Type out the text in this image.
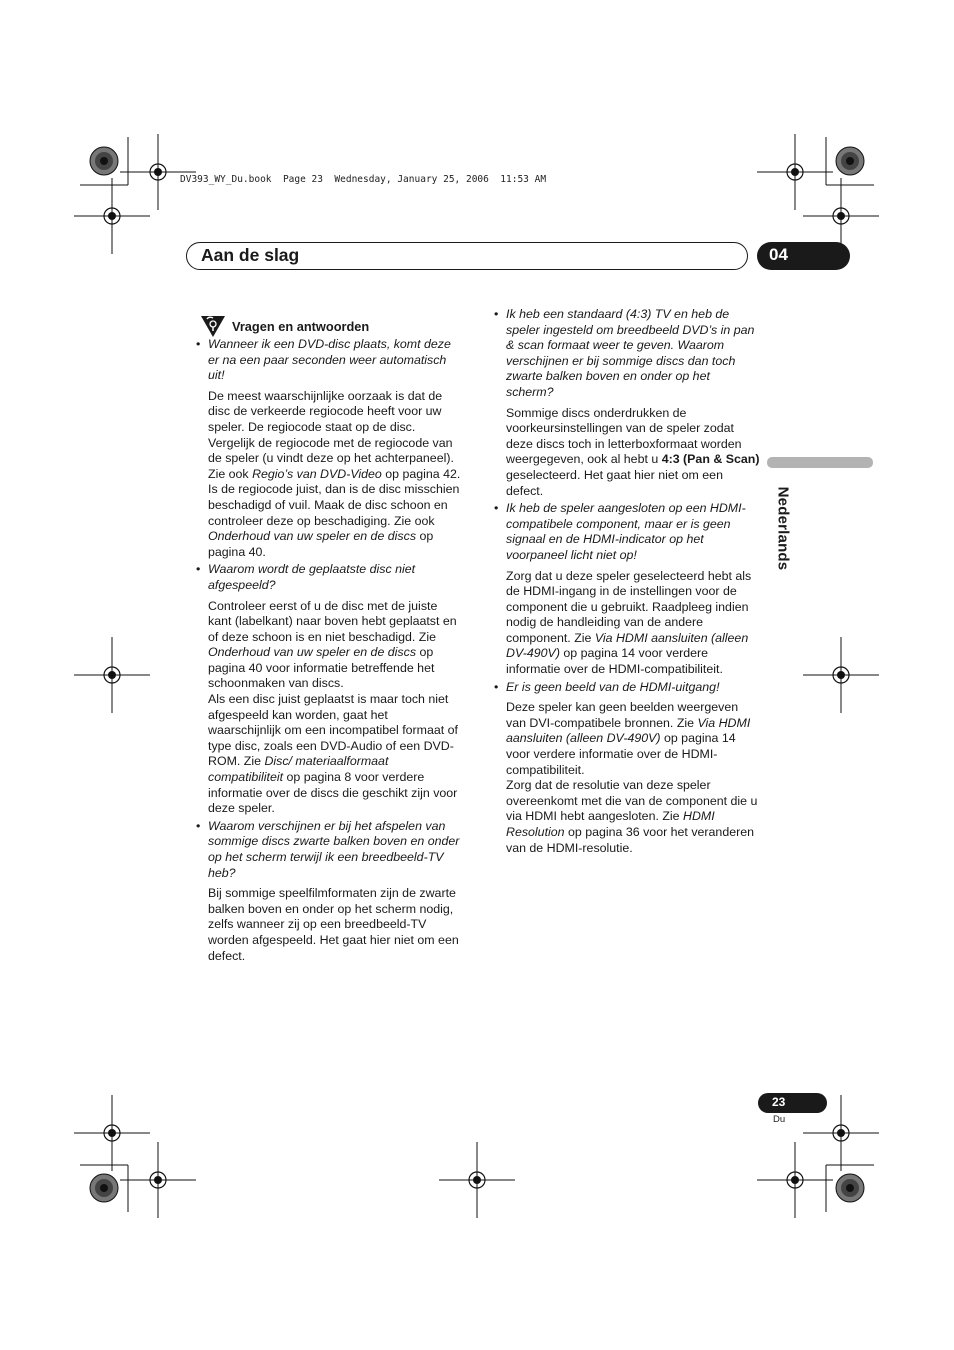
DV393_WY_Du.book  Page 23  Wednesday, January 25, 2006  11:53 AM
Aan de slag	04
Nederlands
Vragen en antwoorden
• Wanneer ik een DVD-disc plaats, komt deze er na een paar seconden weer automatisch uit!

De meest waarschijnlijke oorzaak is dat de disc de verkeerde regiocode heeft voor uw speler. De regiocode staat op de disc. Vergelijk de regiocode met de regiocode van de speler (u vindt deze op het achterpaneel). Zie ook Regio’s van DVD-Video op pagina 42.

Is de regiocode juist, dan is de disc misschien beschadigd of vuil. Maak de disc schoon en controleer deze op beschadiging. Zie ook Onderhoud van uw speler en de discs op pagina 40.

• Waarom wordt de geplaatste disc niet afgespeeld?

Controleer eerst of u de disc met de juiste kant (labelkant) naar boven hebt geplaatst en of deze schoon is en niet beschadigd. Zie Onderhoud van uw speler en de discs op pagina 40 voor informatie betreffende het schoonmaken van discs.

Als een disc juist geplaatst is maar toch niet afgespeeld kan worden, gaat het waarschijnlijk om een incompatibel formaat of type disc, zoals een DVD-Audio of een DVD-ROM. Zie Disc/ materiaalformaat compatibiliteit op pagina 8 voor verdere informatie over de discs die geschikt zijn voor deze speler.

• Waarom verschijnen er bij het afspelen van sommige discs zwarte balken boven en onder op het scherm terwijl ik een breedbeeld-TV heb?

Bij sommige speelfilmformaten zijn de zwarte balken boven en onder op het scherm nodig, zelfs wanneer zij op een breedbeeld-TV worden afgespeeld. Het gaat hier niet om een defect.

• Ik heb een standaard (4:3) TV en heb de speler ingesteld om breedbeeld DVD’s in pan & scan formaat weer te geven. Waarom verschijnen er bij sommige discs dan toch zwarte balken boven en onder op het scherm?

Sommige discs onderdrukken de voorkeursinstellingen van de speler zodat deze discs toch in letterboxformaat worden weergegeven, ook al hebt u 4:3 (Pan & Scan) geselecteerd. Het gaat hier niet om een defect.

• Ik heb de speler aangesloten op een HDMI-compatibele component, maar er is geen signaal en de HDMI-indicator op het voorpaneel licht niet op!

Zorg dat u deze speler geselecteerd hebt als de HDMI-ingang in de instellingen voor de component die u gebruikt. Raadpleeg indien nodig de handleiding van de andere component. Zie Via HDMI aansluiten (alleen DV-490V) op pagina 14 voor verdere informatie over de HDMI-compatibiliteit.

• Er is geen beeld van de HDMI-uitgang!

Deze speler kan geen beelden weergeven van DVI-compatibele bronnen. Zie Via HDMI aansluiten (alleen DV-490V) op pagina 14 voor verdere informatie over de HDMI-compatibiliteit.

Zorg dat de resolutie van deze speler overeenkomt met die van de component die u via HDMI hebt aangesloten. Zie HDMI Resolution op pagina 36 voor het veranderen van de HDMI-resolutie.

23
Du
